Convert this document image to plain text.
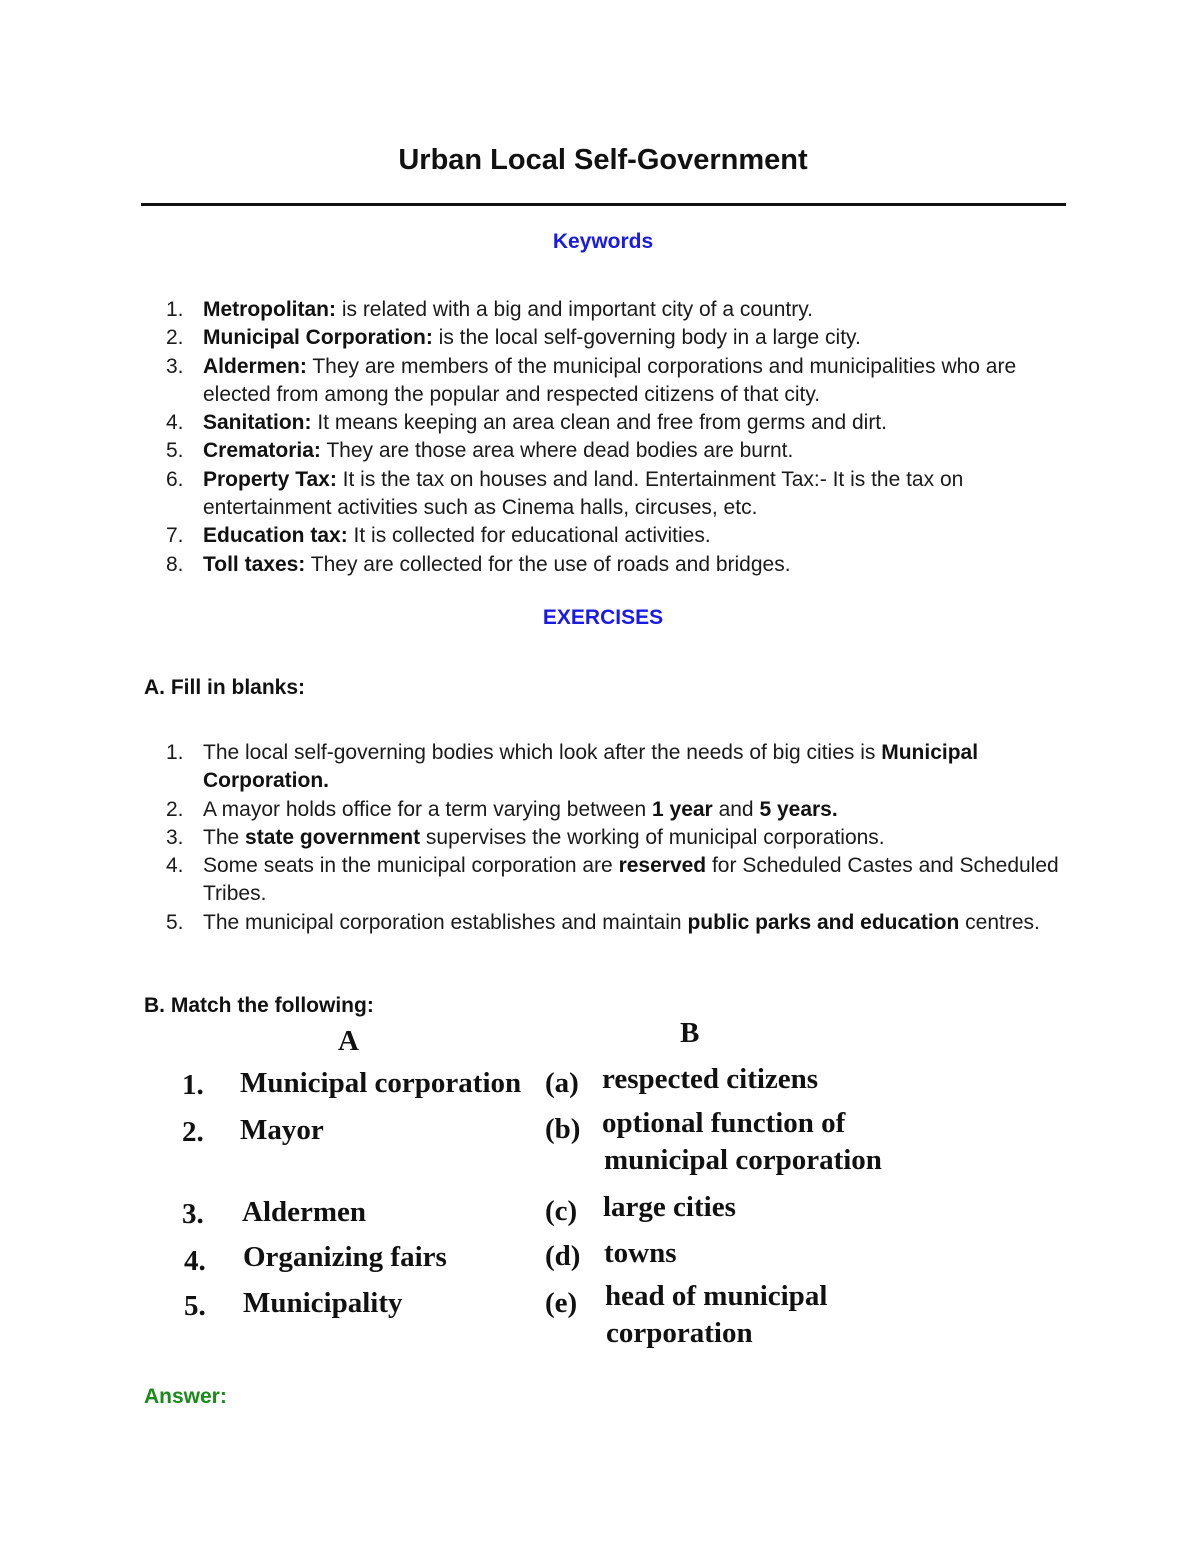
Urban Local Self-Government
Keywords
1. Metropolitan: is related with a big and important city of a country.
2. Municipal Corporation: is the local self-governing body in a large city.
3. Aldermen: They are members of the municipal corporations and municipalities who are elected from among the popular and respected citizens of that city.
4. Sanitation: It means keeping an area clean and free from germs and dirt.
5. Crematoria: They are those area where dead bodies are burnt.
6. Property Tax: It is the tax on houses and land. Entertainment Tax:- It is the tax on entertainment activities such as Cinema halls, circuses, etc.
7. Education tax: It is collected for educational activities.
8. Toll taxes: They are collected for the use of roads and bridges.
EXERCISES
A. Fill in blanks:
1. The local self-governing bodies which look after the needs of big cities is Municipal Corporation.
2. A mayor holds office for a term varying between 1 year and 5 years.
3. The state government supervises the working of municipal corporations.
4. Some seats in the municipal corporation are reserved for Scheduled Castes and Scheduled Tribes.
5. The municipal corporation establishes and maintain public parks and education centres.
B. Match the following:
A	B
1. Municipal corporation
2. Mayor
3. Aldermen
4. Organizing fairs
5. Municipality
(a) respected citizens
(b) optional function of
municipal corporation
(c) large cities
(d) towns
(e) head of municipal
corporation
Answer:
